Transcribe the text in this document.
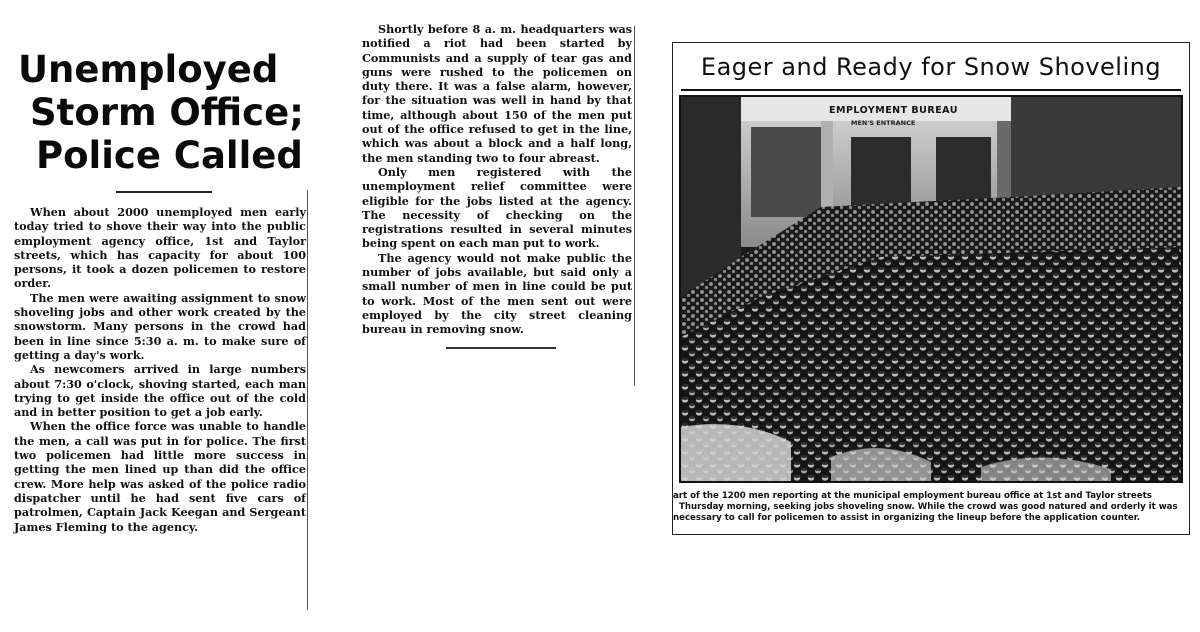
Unemployed
Storm Office;
Police Called

When about 2000 unemployed men early today tried to shove their way into the public employment agency office, 1st and Taylor streets, which has capacity for about 100 persons, it took a dozen policemen to restore order.

The men were awaiting assignment to snow shoveling jobs and other work created by the snowstorm. Many persons in the crowd had been in line since 5:30 a. m. to make sure of getting a day's work.

As newcomers arrived in large numbers about 7:30 o'clock, shoving started, each man trying to get inside the office out of the cold and in better position to get a job early.

When the office force was unable to handle the men, a call was put in for police. The first two policemen had little more success in getting the men lined up than did the office crew. More help was asked of the police radio dispatcher until he had sent five cars of patrolmen, Captain Jack Keegan and Sergeant James Fleming to the agency.

Shortly before 8 a. m. headquarters was notified a riot had been started by Communists and a supply of tear gas and guns were rushed to the policemen on duty there. It was a false alarm, however, for the situation was well in hand by that time, although about 150 of the men put out of the office refused to get in the line, which was about a block and a half long, the men standing two to four abreast.

Only men registered with the unemployment relief committee were eligible for the jobs listed at the agency. The necessity of checking on the registrations resulted in several minutes being spent on each man put to work.

The agency would not make public the number of jobs available, but said only a small number of men in line could be put to work. Most of the men sent out were employed by the city street cleaning bureau in removing snow.

Eager and Ready for Snow Shoveling
EMPLOYMENT BUREAU
MEN'S ENTRANCE
art of the 1200 men reporting at the municipal employment bureau office at 1st and Taylor streets
Thursday morning, seeking jobs shoveling snow. While the crowd was good natured and orderly it was
necessary to call for policemen to assist in organizing the lineup before the application counter.
